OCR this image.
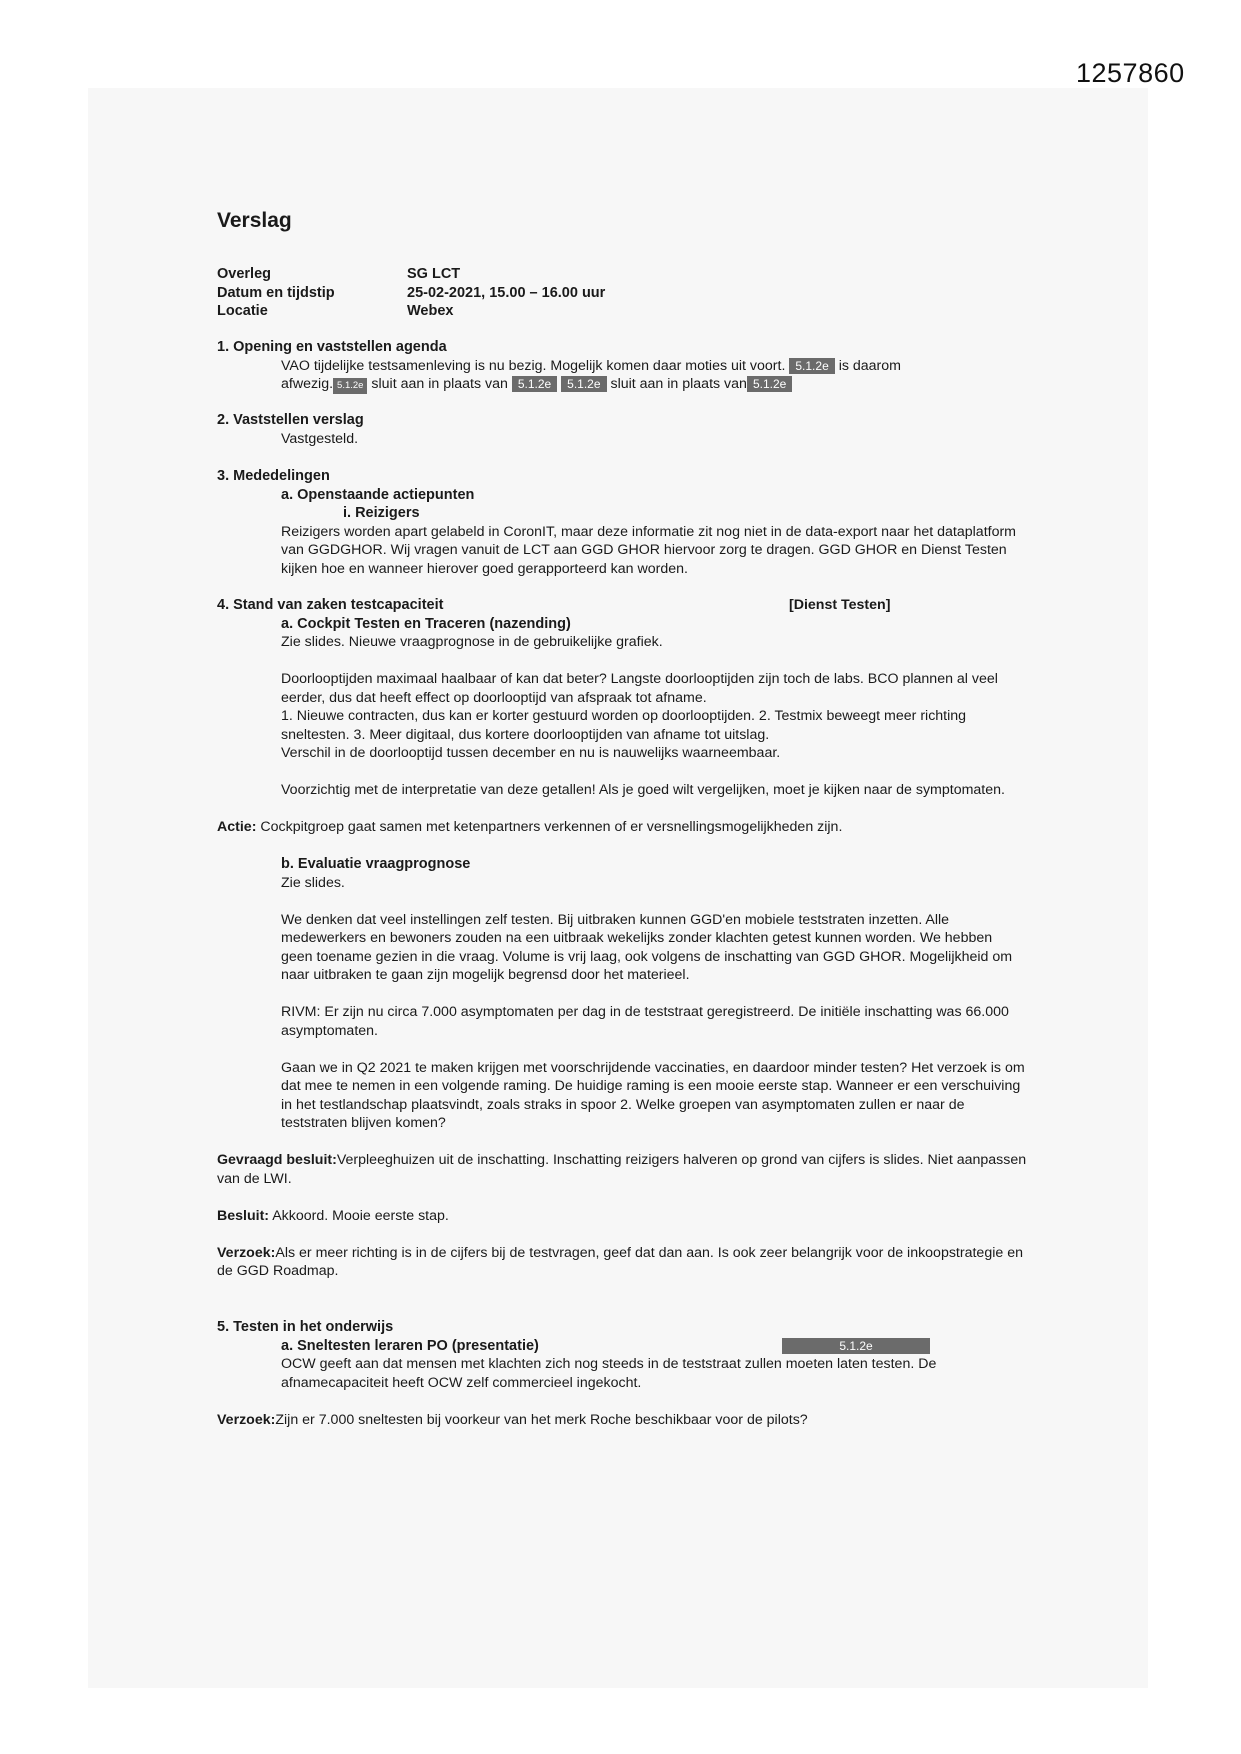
1257860
Verslag
Overleg	SG LCT
Datum en tijdstip	25-02-2021, 15.00 – 16.00 uur
Locatie	Webex
1. Opening en vaststellen agenda
VAO tijdelijke testsamenleving is nu bezig. Mogelijk komen daar moties uit voort. 5.1.2e is daarom
afwezig. 5.1.2e sluit aan in plaats van 5.1.2e 5.1.2e sluit aan in plaats van 5.1.2e
2. Vaststellen verslag
Vastgesteld.
3. Mededelingen
a. Openstaande actiepunten
i. Reizigers
Reizigers worden apart gelabeld in CoronIT, maar deze informatie zit nog niet in de data-export naar het dataplatform van GGDGHOR. Wij vragen vanuit de LCT aan GGD GHOR hiervoor zorg te dragen. GGD GHOR en Dienst Testen kijken hoe en wanneer hierover goed gerapporteerd kan worden.
4. Stand van zaken testcapaciteit	[Dienst Testen]
a. Cockpit Testen en Traceren (nazending)
Zie slides. Nieuwe vraagprognose in de gebruikelijke grafiek.
Doorlooptijden maximaal haalbaar of kan dat beter? Langste doorlooptijden zijn toch de labs. BCO plannen al veel eerder, dus dat heeft effect op doorlooptijd van afspraak tot afname.
1. Nieuwe contracten, dus kan er korter gestuurd worden op doorlooptijden. 2. Testmix beweegt meer richting sneltesten. 3. Meer digitaal, dus kortere doorlooptijden van afname tot uitslag.
Verschil in de doorlooptijd tussen december en nu is nauwelijks waarneembaar.
Voorzichtig met de interpretatie van deze getallen! Als je goed wilt vergelijken, moet je kijken naar de symptomaten.
Actie: Cockpitgroep gaat samen met ketenpartners verkennen of er versnellingsmogelijkheden zijn.
b. Evaluatie vraagprognose
Zie slides.
We denken dat veel instellingen zelf testen. Bij uitbraken kunnen GGD'en mobiele teststraten inzetten. Alle medewerkers en bewoners zouden na een uitbraak wekelijks zonder klachten getest kunnen worden. We hebben geen toename gezien in die vraag. Volume is vrij laag, ook volgens de inschatting van GGD GHOR. Mogelijkheid om naar uitbraken te gaan zijn mogelijk begrensd door het materieel.
RIVM: Er zijn nu circa 7.000 asymptomaten per dag in de teststraat geregistreerd. De initiële inschatting was 66.000 asymptomaten.
Gaan we in Q2 2021 te maken krijgen met voorschrijdende vaccinaties, en daardoor minder testen? Het verzoek is om dat mee te nemen in een volgende raming. De huidige raming is een mooie eerste stap. Wanneer er een verschuiving in het testlandschap plaatsvindt, zoals straks in spoor 2. Welke groepen van asymptomaten zullen er naar de teststraten blijven komen?
Gevraagd besluit:Verpleeghuizen uit de inschatting. Inschatting reizigers halveren op grond van cijfers is slides. Niet aanpassen van de LWI.
Besluit: Akkoord. Mooie eerste stap.
Verzoek:Als er meer richting is in de cijfers bij de testvragen, geef dat dan aan. Is ook zeer belangrijk voor de inkoopstrategie en de GGD Roadmap.
5. Testen in het onderwijs
a. Sneltesten leraren PO (presentatie)	5.1.2e
OCW geeft aan dat mensen met klachten zich nog steeds in de teststraat zullen moeten laten testen. De afnamecapaciteit heeft OCW zelf commercieel ingekocht.
Verzoek:Zijn er 7.000 sneltesten bij voorkeur van het merk Roche beschikbaar voor de pilots?
